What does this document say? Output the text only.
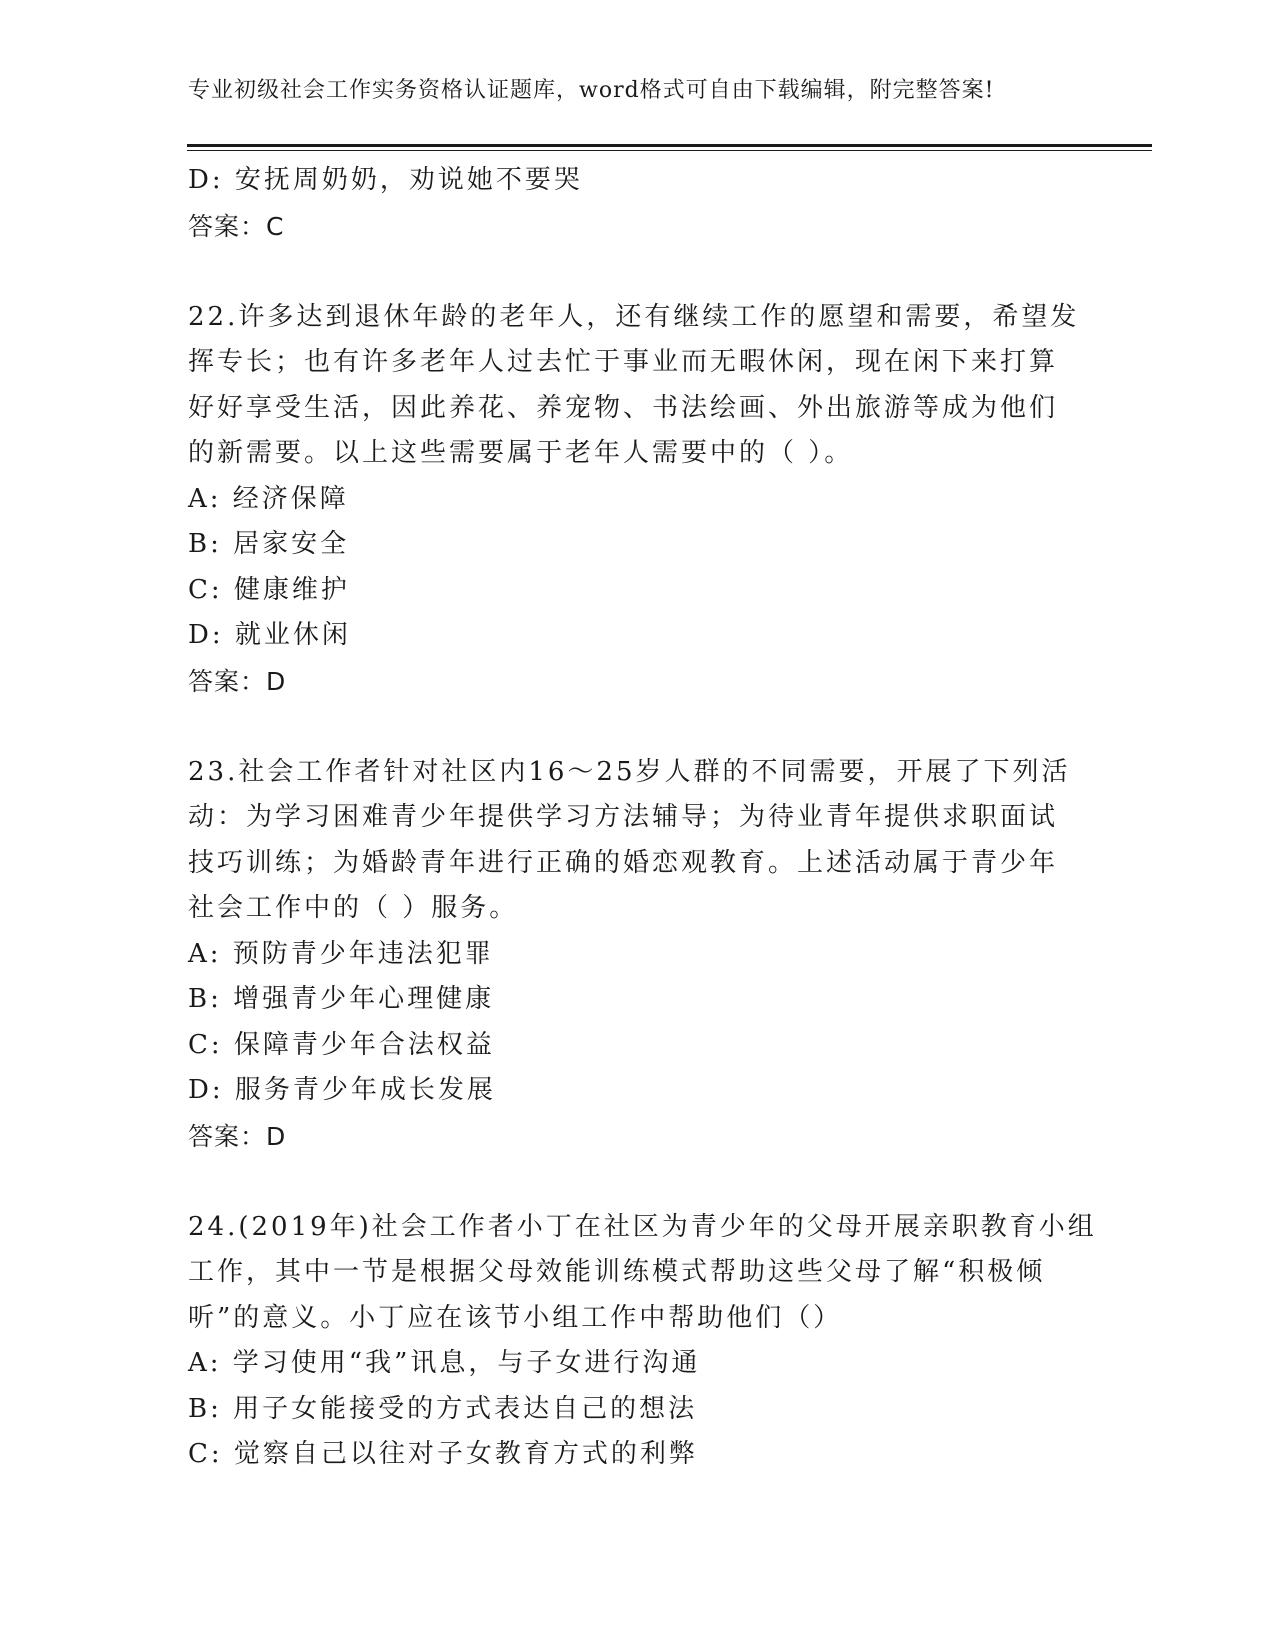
专业初级社会工作实务资格认证题库，word格式可自由下载编辑，附完整答案!
D: 安抚周奶奶，劝说她不要哭
答案：C
22.许多达到退休年龄的老年人，还有继续工作的愿望和需要，希望发
挥专长；也有许多老年人过去忙于事业而无暇休闲，现在闲下来打算
好好享受生活，因此养花、养宠物、书法绘画、外出旅游等成为他们
的新需要。以上这些需要属于老年人需要中的（ ）。
A: 经济保障
B: 居家安全
C: 健康维护
D: 就业休闲
答案：D
23.社会工作者针对社区内16～25岁人群的不同需要，开展了下列活
动：为学习困难青少年提供学习方法辅导；为待业青年提供求职面试
技巧训练；为婚龄青年进行正确的婚恋观教育。上述活动属于青少年
社会工作中的（ ）服务。
A: 预防青少年违法犯罪
B: 增强青少年心理健康
C: 保障青少年合法权益
D: 服务青少年成长发展
答案：D
24.(2019年)社会工作者小丁在社区为青少年的父母开展亲职教育小组
工作，其中一节是根据父母效能训练模式帮助这些父母了解“积极倾
听”的意义。小丁应在该节小组工作中帮助他们（）
A: 学习使用“我”讯息，与子女进行沟通
B: 用子女能接受的方式表达自己的想法
C: 觉察自己以往对子女教育方式的利弊
